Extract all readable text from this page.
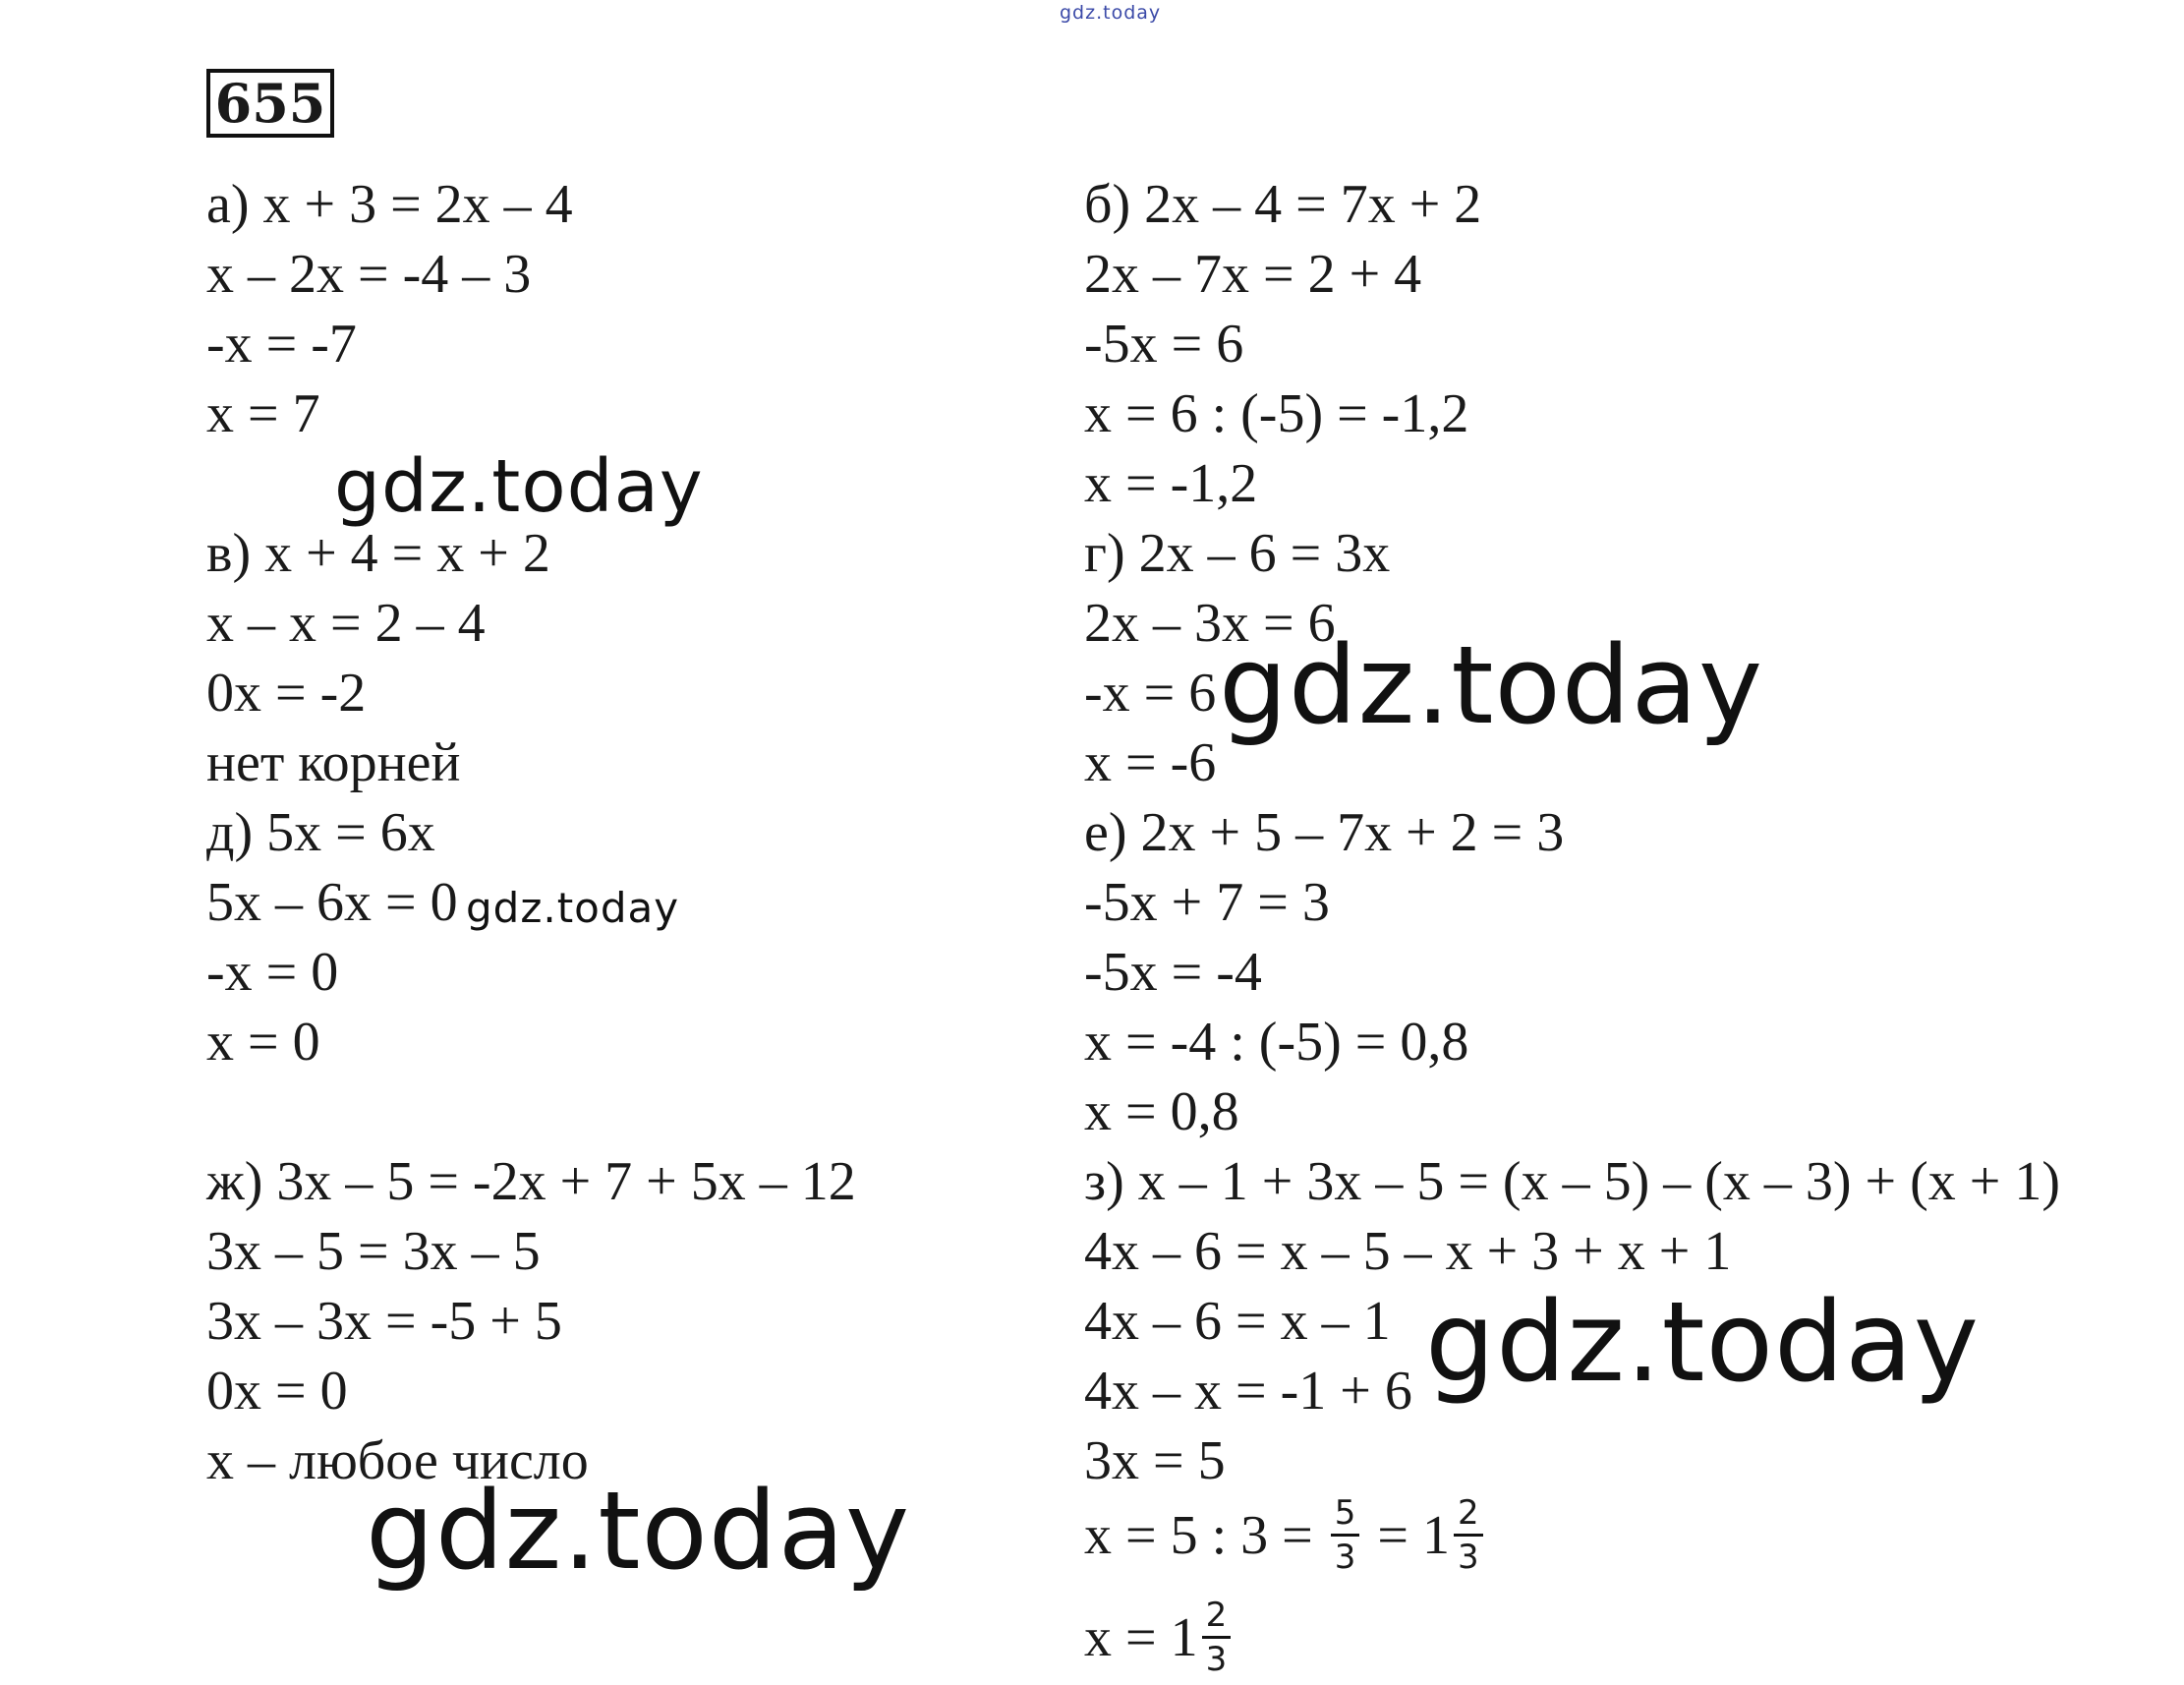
gdz.today
655
а) x + 3 = 2x – 4
x – 2x = -4 – 3
-x = -7
x = 7
в) x + 4 = x + 2
x – x = 2 – 4
0x = -2
нет корней
д) 5x = 6x
5x – 6x = 0
-x = 0
x = 0
ж) 3x – 5 = -2x + 7 + 5x – 12
3x – 5 = 3x – 5
3x – 3x = -5 + 5
0x = 0
x – любое число
б) 2x – 4 = 7x + 2
2x – 7x = 2 + 4
-5x = 6
x = 6 : (-5) = -1,2
x = -1,2
г) 2x – 6 = 3x
2x – 3x = 6
-x = 6
x = -6
е) 2x + 5 – 7x + 2 = 3
-5x + 7 = 3
-5x = -4
x = -4 : (-5) = 0,8
x = 0,8
з) x – 1 + 3x – 5 = (x – 5) – (x – 3) + (x + 1)
4x – 6 = x – 5 – x + 3 + x + 1
4x – 6 = x – 1
4x – x = -1 + 6
3x = 5
x = 5 : $3 = \frac{5}{3} = 1 \frac{2}{3}$
$x = 1 \frac{2}{3}$
gdz.today
gdz.today
gdz.today
gdz.today
gdz.today
